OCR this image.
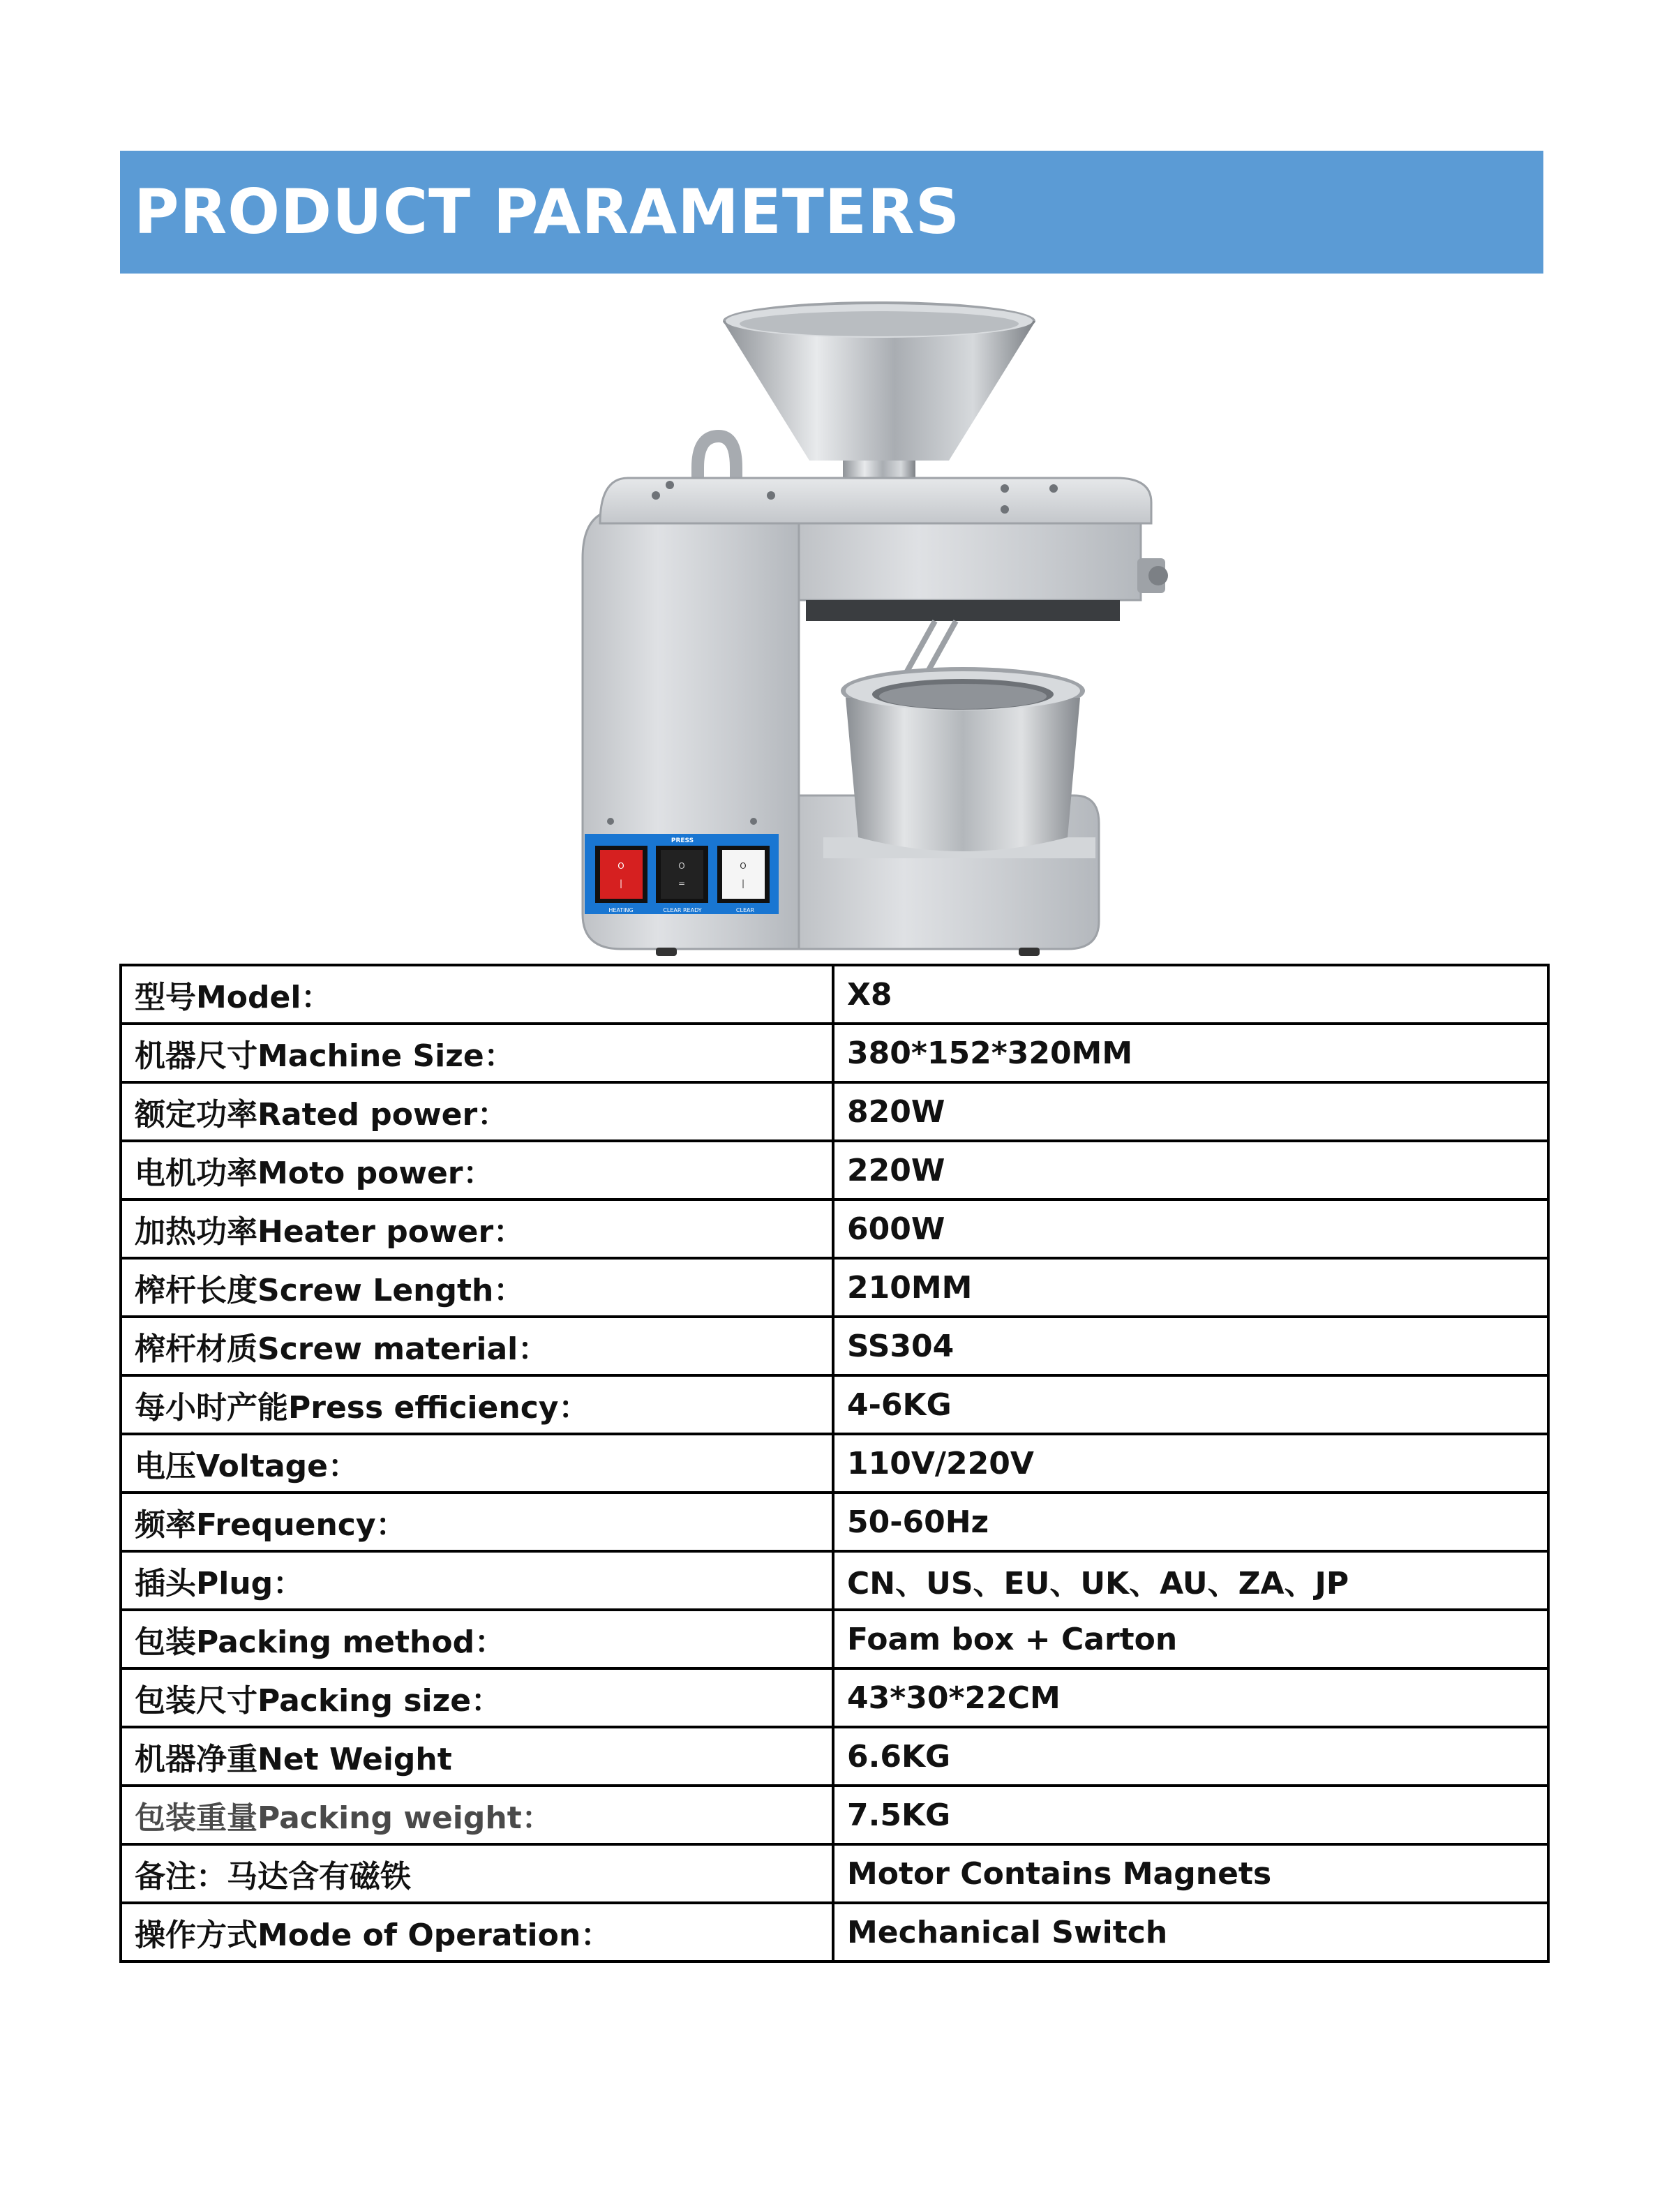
PRODUCT PARAMETERS
PRESS
O
|
O
=
O
|
HEATING	CLEAR READY	CLEAR
型号Model：	X8
机器尺寸Machine Size：	380*152*320MM
额定功率Rated power：	820W
电机功率Moto power：	220W
加热功率Heater power：	600W
榨杆长度Screw Length：	210MM
榨杆材质Screw material：	SS304
每小时产能Press efficiency：	4-6KG
电压Voltage：	110V/220V
频率Frequency：	50-60Hz
插头Plug：	CN、US、EU、UK、AU、ZA、JP
包装Packing method：	Foam box + Carton
包装尺寸Packing size：	43*30*22CM
机器净重Net Weight	6.6KG
包装重量Packing weight：	7.5KG
备注：马达含有磁铁	Motor Contains Magnets
操作方式Mode of Operation：	Mechanical Switch
